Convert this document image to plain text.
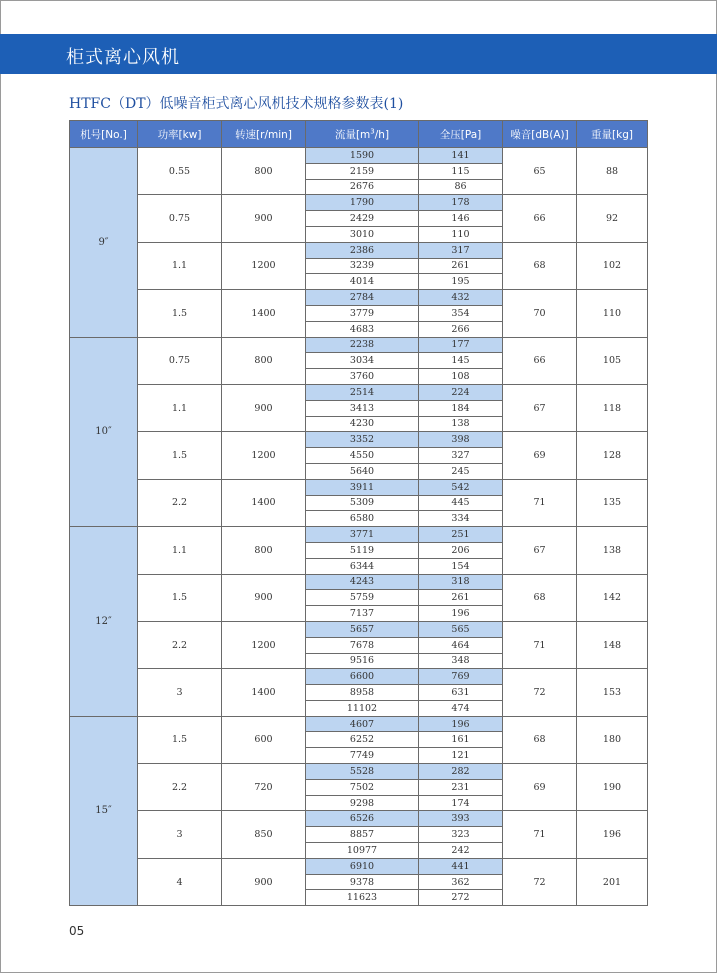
柜式离心风机
HTFC（DT）低噪音柜式离心风机技术规格参数表(1)
机号[No.]	功率[kw]	转速[r/min]	流量$[m^3/h]$	全压[Pa]	噪音[dB(A)]	重量[kg]
9″	0.55	800	1590	141	65	88
			2159	115		
			2676	86		
	0.75	900	1790	178	66	92
			2429	146		
			3010	110		
	1.1	1200	2386	317	68	102
			3239	261		
			4014	195		
	1.5	1400	2784	432	70	110
			3779	354		
			4683	266		
10″	0.75	800	2238	177	66	105
			3034	145		
			3760	108		
	1.1	900	2514	224	67	118
			3413	184		
			4230	138		
	1.5	1200	3352	398	69	128
			4550	327		
			5640	245		
	2.2	1400	3911	542	71	135
			5309	445		
			6580	334		
12″	1.1	800	3771	251	67	138
			5119	206		
			6344	154		
	1.5	900	4243	318	68	142
			5759	261		
			7137	196		
	2.2	1200	5657	565	71	148
			7678	464		
			9516	348		
	3	1400	6600	769	72	153
			8958	631		
			11102	474		
15″	1.5	600	4607	196	68	180
			6252	161		
			7749	121		
	2.2	720	5528	282	69	190
			7502	231		
			9298	174		
	3	850	6526	393	71	196
			8857	323		
			10977	242		
	4	900	6910	441	72	201
			9378	362		
			11623	272		
05
